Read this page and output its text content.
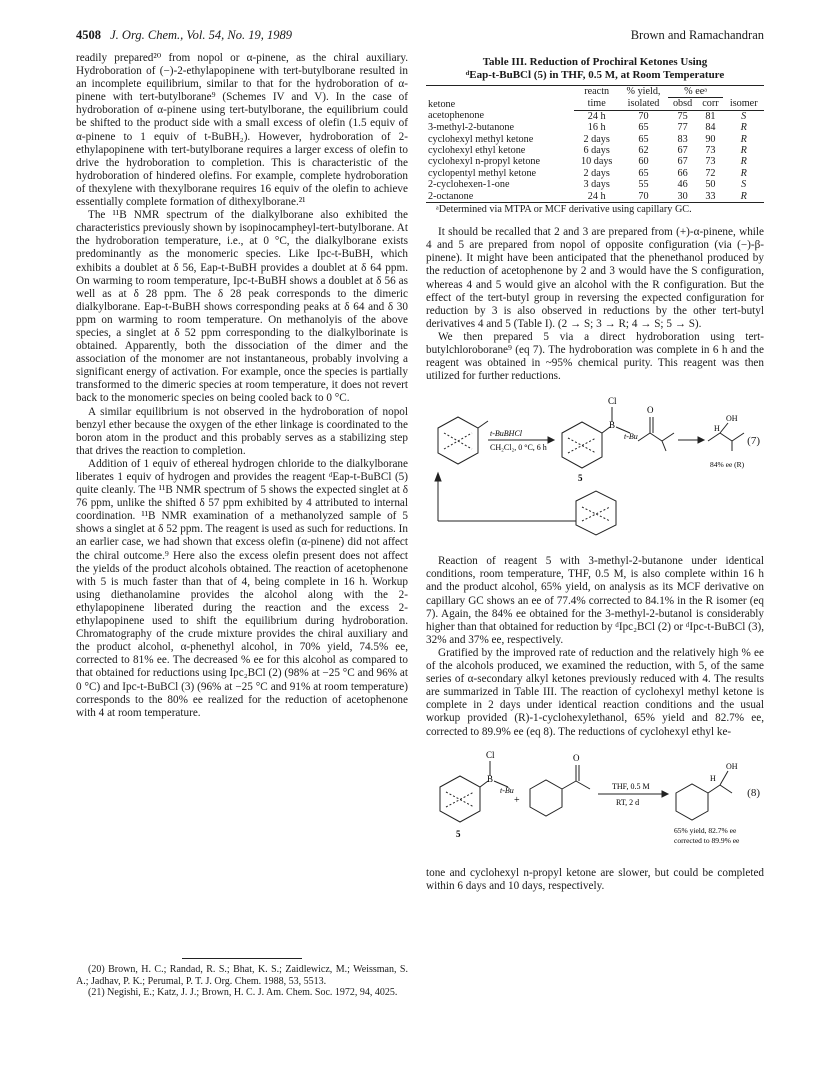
4508 J. Org. Chem., Vol. 54, No. 19, 1989	Brown and Ramachandran

readily prepared²⁰ from nopol or α-pinene, as the chiral auxiliary. Hydroboration of (−)-2-ethylapopinene with tert-butylborane resulted in an incomplete equilibrium, similar to that for the hydroboration of α-pinene with tert-butylborane⁹ (Schemes IV and V). In the case of hydroboration of α-pinene using tert-butylborane, the equilibrium could be shifted to the product side with a small excess of olefin (1.5 equiv of α-pinene to 1 equiv of t-BuBH₂). However, hydroboration of 2-ethylapopinene with tert-butylborane requires a larger excess of olefin to drive the hydroboration to completion. This is characteristic of the hydroboration of hindered olefins. For example, complete hydroboration of thexylene with thexylborane requires 16 equiv of the olefin to achieve essentially complete formation of dithexylborane.²¹

The ¹¹B NMR spectrum of the dialkylborane also exhibited the characteristics previously shown by isopinocampheyl-tert-butylborane. At the hydroboration temperature, i.e., at 0 °C, the dialkylborane exists predominantly as the monomeric species. Like Ipc-t-BuBH, which exhibits a doublet at δ 56, Eap-t-BuBH provides a doublet at δ 64 ppm. On warming to room temperature, Ipc-t-BuBH shows a doublet at δ 56 as well as at δ 28 ppm. The δ 28 peak corresponds to the dimeric dialkylborane. Eap-t-BuBH shows corresponding peaks at δ 64 and δ 30 ppm on warming to room temperature. On methanolyis of the above species, a singlet at δ 52 ppm corresponding to the dialkylborinate is obtained. Apparently, both the dissociation of the dimer and the association of the monomer are not instantaneous, probably involving a significant energy of activation. For example, once the species is partially transformed to the dimeric species at room temperature, it does not revert back to the monomeric species on being cooled back to 0 °C.

A similar equilibrium is not observed in the hydroboration of nopol benzyl ether because the oxygen of the ether linkage is coordinated to the boron atom in the product and this probably serves as a stabilizing step that drives the reaction to completion.

Addition of 1 equiv of ethereal hydrogen chloride to the dialkylborane liberates 1 equiv of hydrogen and provides the reagent ᵈEap-t-BuBCl (5) quite cleanly. The ¹¹B NMR spectrum of 5 shows the expected singlet at δ 76 ppm, unlike the shifted δ 57 ppm exhibited by 4 attributed to internal coordination. ¹¹B NMR examination of a methanolyzed sample of 5 shows a singlet at δ 52 ppm. The reagent is used as such for reductions. In an earlier case, we had shown that excess olefin (α-pinene) did not affect the chiral outcome.⁹ Here also the excess olefin present does not affect the yields of the product alcohols obtained. The reaction of acetophenone with 5 is much faster than that of 4, being complete in 16 h. Workup using diethanolamine provides the alcohol along with the 2-ethylapopinene liberated during the reaction and the excess 2-ethylapopinene used to shift the equilibrium during hydroboration. Chromatography of the crude mixture provides the chiral auxiliary and the product alcohol, α-phenethyl alcohol, in 70% yield, 74.5% ee, corrected to 81% ee. The decreased % ee for this alcohol as compared to that obtained for reductions using Ipc₂BCl (2) (98% at −25 °C and 96% at 0 °C) and Ipc-t-BuBCl (3) (96% at −25 °C and 91% at room temperature) corresponds to the 80% ee realized for the reduction of acetophenone with 4 at room temperature.

(20) Brown, H. C.; Randad, R. S.; Bhat, K. S.; Zaidlewicz, M.; Weissman, S. A.; Jadhav, P. K.; Perumal, P. T. J. Org. Chem. 1988, 53, 5513.

(21) Negishi, E.; Katz, J. J.; Brown, H. C. J. Am. Chem. Soc. 1972, 94, 4025.

Table III. Reduction of Prochiral Ketones Using
ᵈEap-t-BuBCl (5) in THF, 0.5 M, at Room Temperature
ketone	reactn	% yield,	% eeᵃ		
	time	isolated	obsd	corr	isomer
acetophenone	24 h	70	75	81	S
3-methyl-2-butanone	16 h	65	77	84	R
cyclohexyl methyl ketone	2 days	65	83	90	R
cyclohexyl ethyl ketone	6 days	62	67	73	R
cyclohexyl n-propyl ketone	10 days	60	67	73	R
cyclopentyl methyl ketone	2 days	65	66	72	R
2-cyclohexen-1-one	3 days	55	46	50	S
2-octanone	24 h	70	30	33	R

ᵃDetermined via MTPA or MCF derivative using capillary GC.

It should be recalled that 2 and 3 are prepared from (+)-α-pinene, while 4 and 5 are prepared from nopol of opposite configuration (via (−)-β-pinene). It might have been anticipated that the phenethanol produced by the reduction of acetophenone by 2 and 3 would have the S configuration, whereas 4 and 5 would give an alcohol with the R configuration. But the effect of the tert-butyl group in reversing the expected configuration for reduction by 3 is also observed in reductions by the other tert-butyl derivatives 4 and 5 (Table I). (2 → S; 3 → R; 4 → S; 5 → S).

We then prepared 5 via a direct hydroboration using tert-butylchloroborane⁹ (eq 7). The hydroboration was complete in 6 h and the reagent was obtained in ~95% chemical purity. This reagent was then utilized for further reductions.

t-BuBHCl
CH₂Cl₂, 0 °C, 6 h
Cl
B
t-Bu
5
O
H
OH
84% ee (R)
(7)

Reaction of reagent 5 with 3-methyl-2-butanone under identical conditions, room temperature, THF, 0.5 M, is also complete within 16 h and the product alcohol, 65% yield, on analysis as its MCF derivative on capillary GC shows an ee of 77.4% corrected to 84.1% in the R isomer (eq 7). Again, the 84% ee obtained for the 3-methyl-2-butanol is considerably higher than that obtained for reduction by ᵈIpc₂BCl (2) or ᵈIpc-t-BuBCl (3), 32% and 37% ee, respectively.

Gratified by the improved rate of reduction and the relatively high % ee of the alcohols produced, we examined the reduction, with 5, of the same series of α-secondary alkyl ketones previously reduced with 4. The results are summarized in Table III. The reaction of cyclohexyl methyl ketone is complete in 2 days under identical reaction conditions and the usual workup provided (R)-1-cyclohexylethanol, 65% yield and 82.7% ee, corrected to 89.9% ee (eq 8). The reductions of cyclohexyl ethyl ke-

Cl
B
t-Bu
+
O
THF, 0.5 M
RT, 2 d
5
H
OH
65% yield, 82.7% ee
corrected to 89.9% ee
(8)

tone and cyclohexyl n-propyl ketone are slower, but could be completed within 6 days and 10 days, respectively.
